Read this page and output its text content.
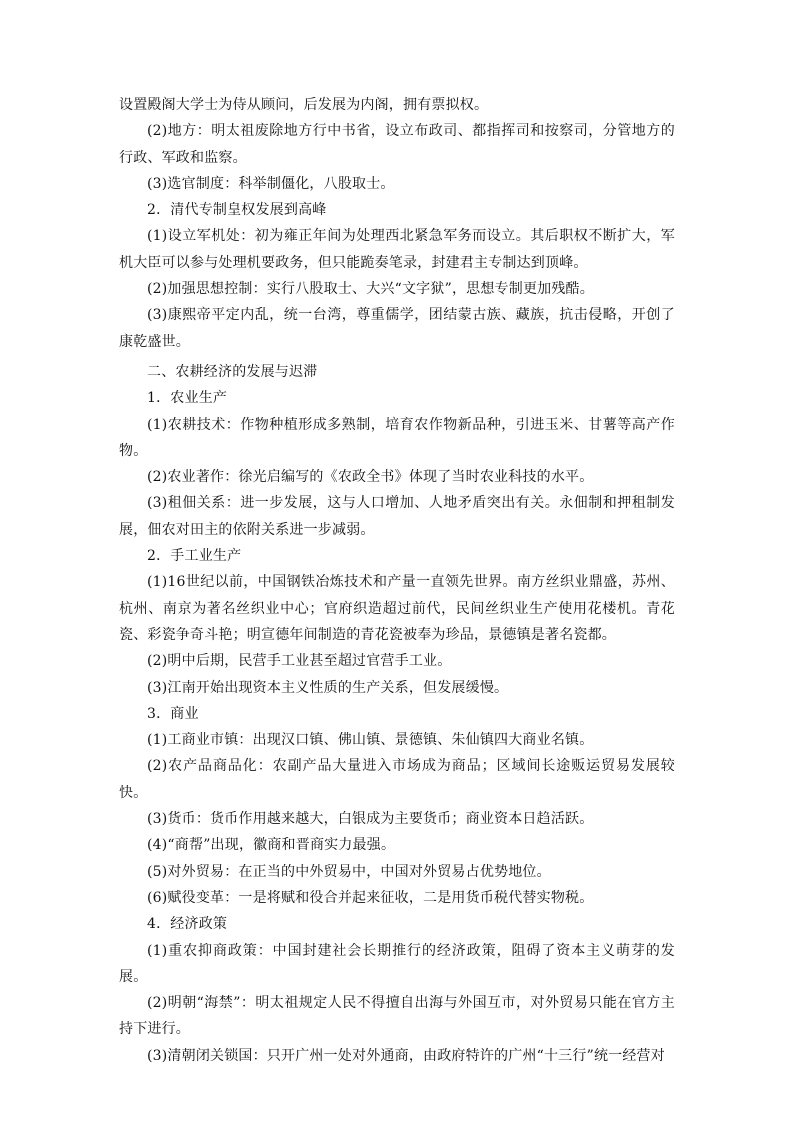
设置殿阁大学士为侍从顾问，后发展为内阁，拥有票拟权。

(2)地方：明太祖废除地方行中书省，设立布政司、都指挥司和按察司，分管地方的行政、军政和监察。

(3)选官制度：科举制僵化，八股取士。

2．清代专制皇权发展到高峰

(1)设立军机处：初为雍正年间为处理西北紧急军务而设立。其后职权不断扩大，军机大臣可以参与处理机要政务，但只能跪奏笔录，封建君主专制达到顶峰。

(2)加强思想控制：实行八股取士、大兴“文字狱”，思想专制更加残酷。

(3)康熙帝平定内乱，统一台湾，尊重儒学，团结蒙古族、藏族，抗击侵略，开创了康乾盛世。

二、农耕经济的发展与迟滞

1．农业生产

(1)农耕技术：作物种植形成多熟制，培育农作物新品种，引进玉米、甘薯等高产作物。

(2)农业著作：徐光启编写的《农政全书》体现了当时农业科技的水平。

(3)租佃关系：进一步发展，这与人口增加、人地矛盾突出有关。永佃制和押租制发展，佃农对田主的依附关系进一步减弱。

2．手工业生产

(1)16世纪以前，中国钢铁冶炼技术和产量一直领先世界。南方丝织业鼎盛，苏州、杭州、南京为著名丝织业中心；官府织造超过前代，民间丝织业生产使用花楼机。青花瓷、彩瓷争奇斗艳；明宣德年间制造的青花瓷被奉为珍品，景德镇是著名瓷都。

(2)明中后期，民营手工业甚至超过官营手工业。

(3)江南开始出现资本主义性质的生产关系，但发展缓慢。

3．商业

(1)工商业市镇：出现汉口镇、佛山镇、景德镇、朱仙镇四大商业名镇。

(2)农产品商品化：农副产品大量进入市场成为商品；区域间长途贩运贸易发展较快。

(3)货币：货币作用越来越大，白银成为主要货币；商业资本日趋活跃。

(4)“商帮”出现，徽商和晋商实力最强。

(5)对外贸易：在正当的中外贸易中，中国对外贸易占优势地位。

(6)赋役变革：一是将赋和役合并起来征收，二是用货币税代替实物税。

4．经济政策

(1)重农抑商政策：中国封建社会长期推行的经济政策，阻碍了资本主义萌芽的发展。

(2)明朝“海禁”：明太祖规定人民不得擅自出海与外国互市，对外贸易只能在官方主持下进行。

(3)清朝闭关锁国：只开广州一处对外通商，由政府特许的广州“十三行”统一经营对
